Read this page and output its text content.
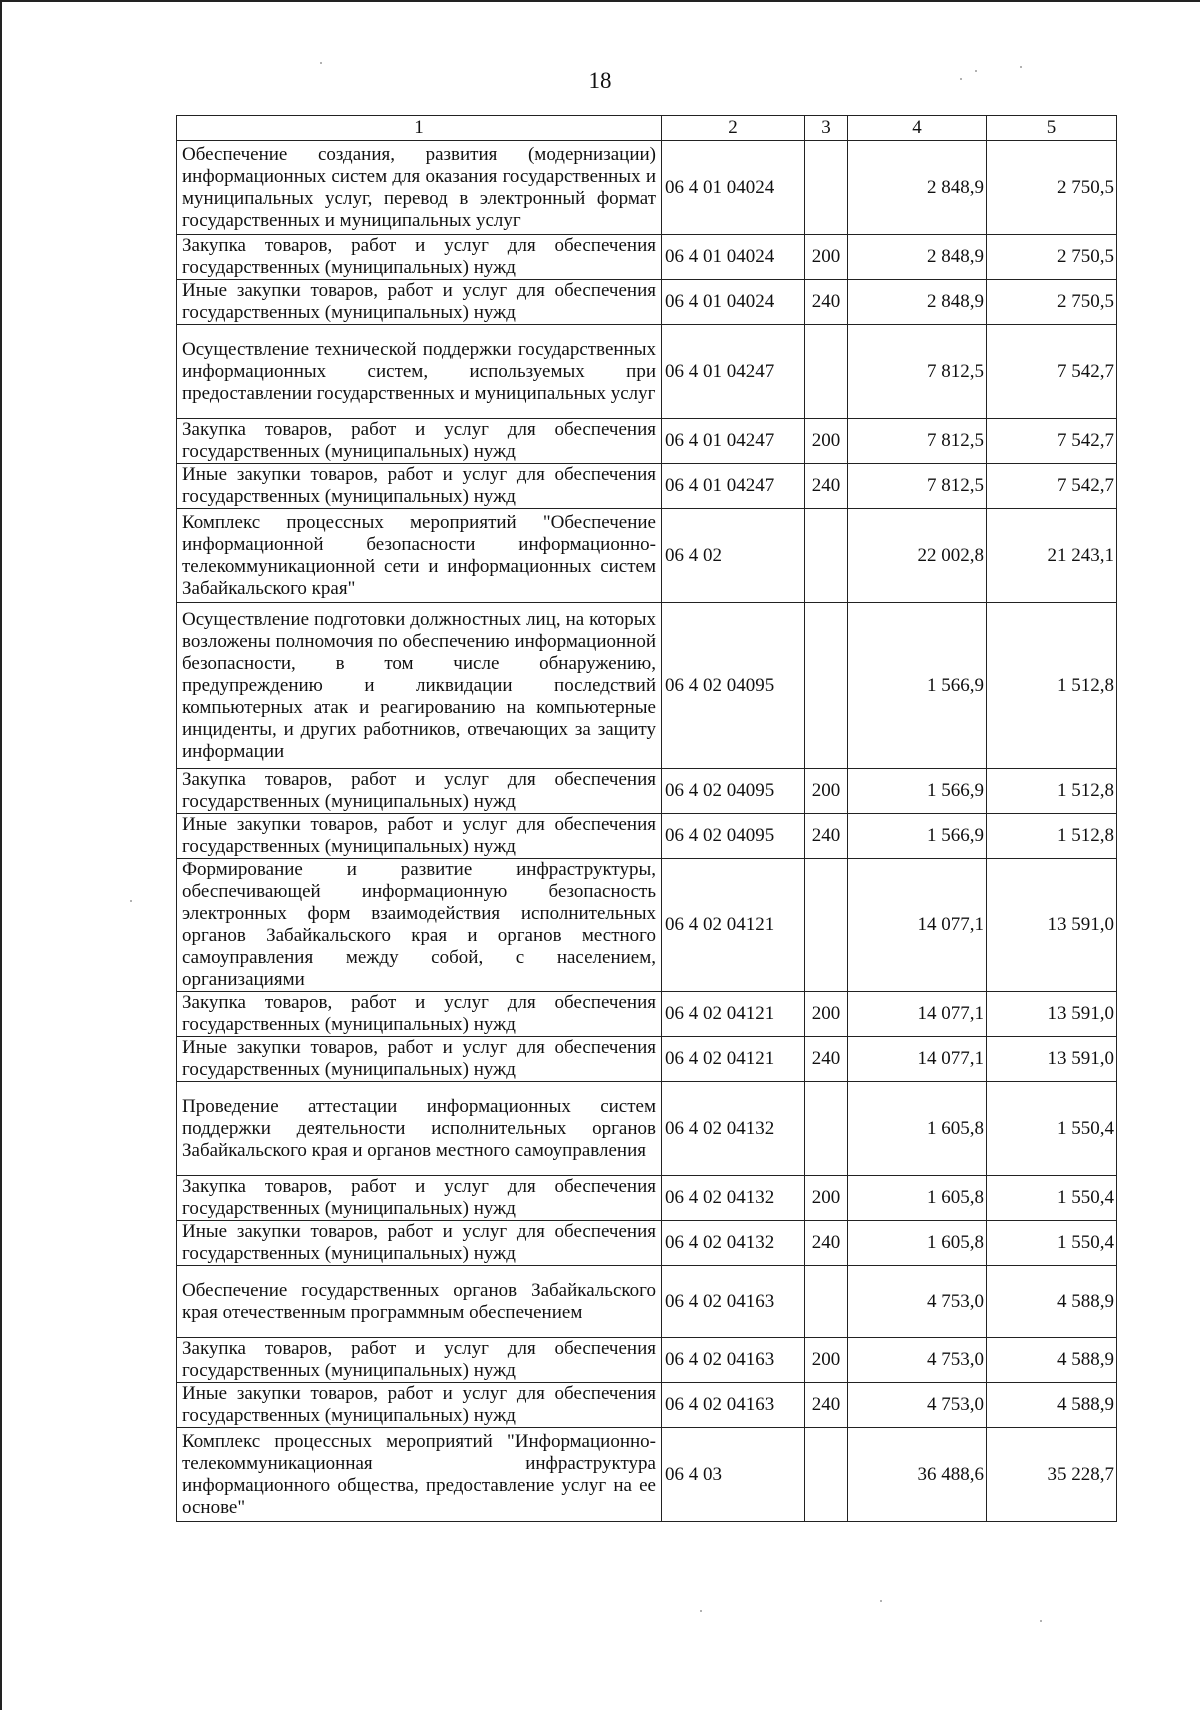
18
1	2	3	4	5
Обеспечение создания, развития (модернизации) информационных систем для оказания государственных и муниципальных услуг, перевод в электронный формат государственных и муниципальных услуг	06 4 01 04024		2 848,9	2 750,5
Закупка товаров, работ и услуг для обеспечения государственных (муниципальных) нужд	06 4 01 04024	200	2 848,9	2 750,5
Иные закупки товаров, работ и услуг для обеспечения государственных (муниципальных) нужд	06 4 01 04024	240	2 848,9	2 750,5
Осуществление технической поддержки государственных информационных систем, используемых при предоставлении государственных и муниципальных услуг	06 4 01 04247		7 812,5	7 542,7
Закупка товаров, работ и услуг для обеспечения государственных (муниципальных) нужд	06 4 01 04247	200	7 812,5	7 542,7
Иные закупки товаров, работ и услуг для обеспечения государственных (муниципальных) нужд	06 4 01 04247	240	7 812,5	7 542,7
Комплекс процессных мероприятий "Обеспечение информационной безопасности информационно-телекоммуникационной сети и информационных систем Забайкальского края"	06 4 02		22 002,8	21 243,1
Осуществление подготовки должностных лиц, на которых возложены полномочия по обеспечению информационной безопасности, в том числе обнаружению, предупреждению и ликвидации последствий компьютерных атак и реагированию на компьютерные инциденты, и других работников, отвечающих за защиту информации	06 4 02 04095		1 566,9	1 512,8
Закупка товаров, работ и услуг для обеспечения государственных (муниципальных) нужд	06 4 02 04095	200	1 566,9	1 512,8
Иные закупки товаров, работ и услуг для обеспечения государственных (муниципальных) нужд	06 4 02 04095	240	1 566,9	1 512,8
Формирование и развитие инфраструктуры, обеспечивающей информационную безопасность электронных форм взаимодействия исполнительных органов Забайкальского края и органов местного самоуправления между собой, с населением, организациями	06 4 02 04121		14 077,1	13 591,0
Закупка товаров, работ и услуг для обеспечения государственных (муниципальных) нужд	06 4 02 04121	200	14 077,1	13 591,0
Иные закупки товаров, работ и услуг для обеспечения государственных (муниципальных) нужд	06 4 02 04121	240	14 077,1	13 591,0
Проведение аттестации информационных систем поддержки деятельности исполнительных органов Забайкальского края и органов местного самоуправления	06 4 02 04132		1 605,8	1 550,4
Закупка товаров, работ и услуг для обеспечения государственных (муниципальных) нужд	06 4 02 04132	200	1 605,8	1 550,4
Иные закупки товаров, работ и услуг для обеспечения государственных (муниципальных) нужд	06 4 02 04132	240	1 605,8	1 550,4
Обеспечение государственных органов Забайкальского края отечественным программным обеспечением	06 4 02 04163		4 753,0	4 588,9
Закупка товаров, работ и услуг для обеспечения государственных (муниципальных) нужд	06 4 02 04163	200	4 753,0	4 588,9
Иные закупки товаров, работ и услуг для обеспечения государственных (муниципальных) нужд	06 4 02 04163	240	4 753,0	4 588,9
Комплекс процессных мероприятий "Информационно-телекоммуникационная инфраструктура информационного общества, предоставление услуг на ее основе"	06 4 03		36 488,6	35 228,7
